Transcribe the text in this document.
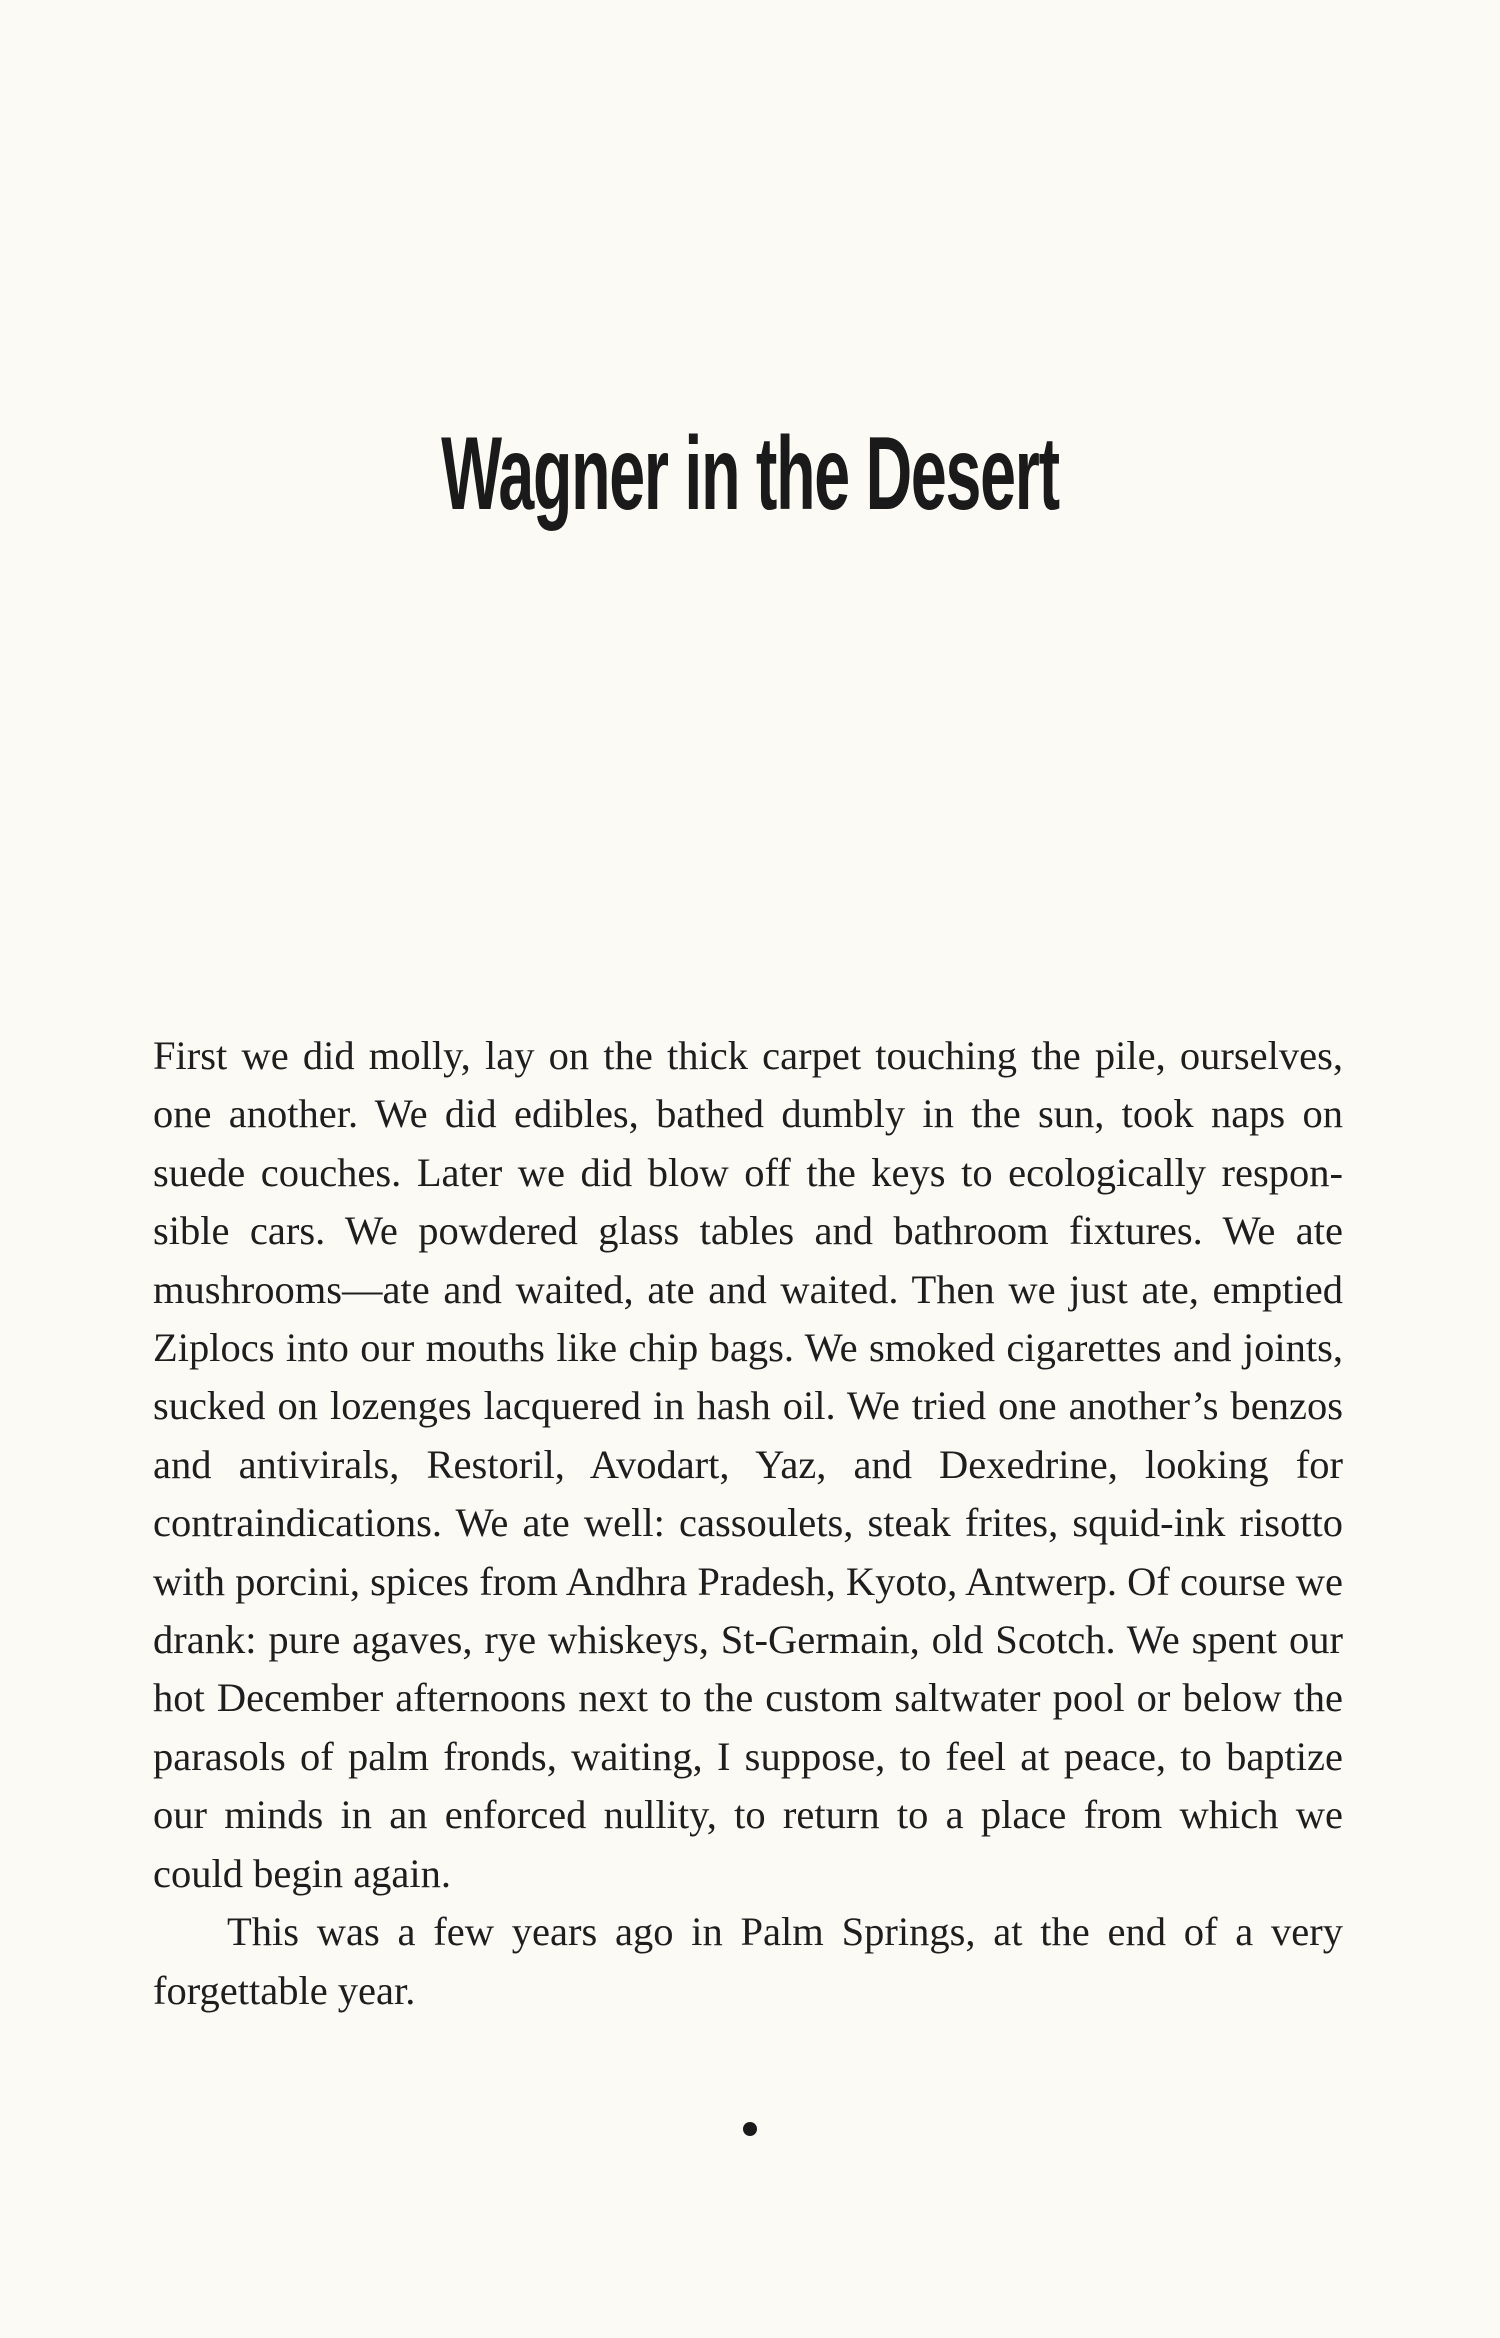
Wagner in the Desert

First we did molly, lay on the thick carpet touching the pile, ourselves, one another. We did edibles, bathed dumbly in the sun, took naps on suede couches. Later we did blow off the keys to ecologically responsible cars. We powdered glass tables and bathroom fixtures. We ate mushrooms—ate and waited, ate and waited. Then we just ate, emptied Ziplocs into our mouths like chip bags. We smoked cigarettes and joints, sucked on lozenges lacquered in hash oil. We tried one another’s benzos and antivirals, Restoril, Avodart, Yaz, and Dexedrine, looking for contraindications. We ate well: cassoulets, steak frites, squid-ink risotto with porcini, spices from Andhra Pradesh, Kyoto, Antwerp. Of course we drank: pure agaves, rye whiskeys, St-Germain, old Scotch. We spent our hot December afternoons next to the custom saltwater pool or below the parasols of palm fronds, waiting, I suppose, to feel at peace, to baptize our minds in an enforced nullity, to return to a place from which we could begin again.

This was a few years ago in Palm Springs, at the end of a very forgettable year.
